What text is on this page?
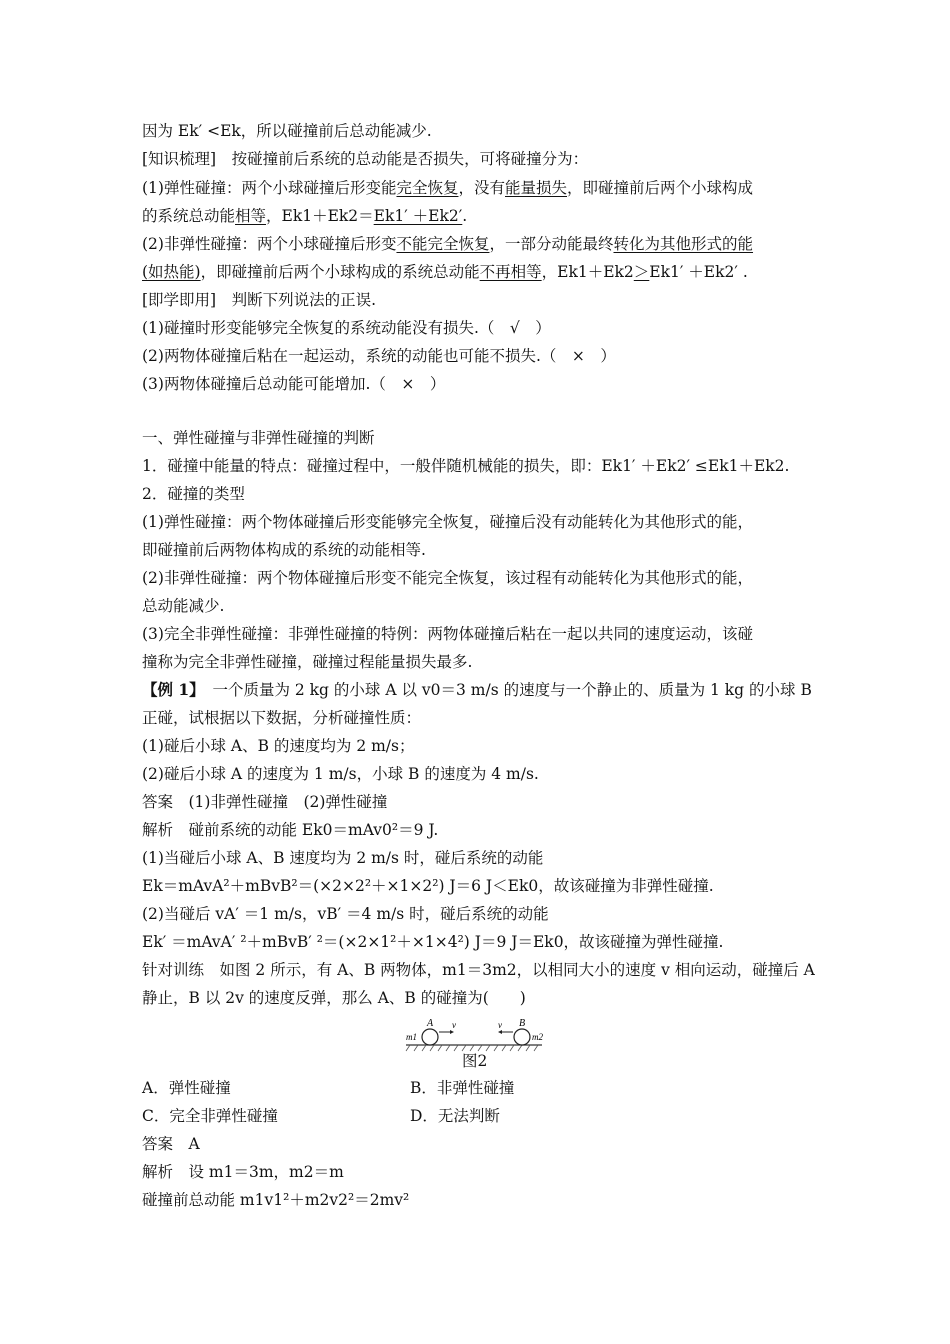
因为 Ek′ <Ek，所以碰撞前后总动能减少.
[知识梳理]　按碰撞前后系统的总动能是否损失，可将碰撞分为：
(1)弹性碰撞：两个小球碰撞后形变能完全恢复，没有能量损失，即碰撞前后两个小球构成
的系统总动能相等，Ek1＋Ek2＝Ek1′ ＋Ek2′.
(2)非弹性碰撞：两个小球碰撞后形变不能完全恢复，一部分动能最终转化为其他形式的能
(如热能)，即碰撞前后两个小球构成的系统总动能不再相等，Ek1＋Ek2＞Ek1′ ＋Ek2′ .
[即学即用]　判断下列说法的正误.
(1)碰撞时形变能够完全恢复的系统动能没有损失.（　√　）
(2)两物体碰撞后粘在一起运动，系统的动能也可能不损失.（　×　）
(3)两物体碰撞后总动能可能增加.（　×　）
一、弹性碰撞与非弹性碰撞的判断
1．碰撞中能量的特点：碰撞过程中，一般伴随机械能的损失，即：Ek1′ ＋Ek2′ ≤Ek1＋Ek2.
2．碰撞的类型
(1)弹性碰撞：两个物体碰撞后形变能够完全恢复，碰撞后没有动能转化为其他形式的能，
即碰撞前后两物体构成的系统的动能相等.
(2)非弹性碰撞：两个物体碰撞后形变不能完全恢复，该过程有动能转化为其他形式的能，
总动能减少.
(3)完全非弹性碰撞：非弹性碰撞的特例：两物体碰撞后粘在一起以共同的速度运动，该碰
撞称为完全非弹性碰撞，碰撞过程能量损失最多.
【例 1】　一个质量为 2 kg 的小球 A 以 v0＝3 m/s 的速度与一个静止的、质量为 1 kg 的小球 B
正碰，试根据以下数据，分析碰撞性质：
(1)碰后小球 A、B 的速度均为 2 m/s；
(2)碰后小球 A 的速度为 1 m/s，小球 B 的速度为 4 m/s.
答案　(1)非弹性碰撞　(2)弹性碰撞
解析　碰前系统的动能 Ek0＝mAv0²＝9 J.
(1)当碰后小球 A、B 速度均为 2 m/s 时，碰后系统的动能
Ek＝mAvA²＋mBvB²＝(×2×2²＋×1×2²) J＝6 J＜Ek0，故该碰撞为非弹性碰撞.
(2)当碰后 vA′ ＝1 m/s，vB′ ＝4 m/s 时，碰后系统的动能
Ek′ ＝mAvA′ ²＋mBvB′ ²＝(×2×1²＋×1×4²) J＝9 J＝Ek0，故该碰撞为弹性碰撞.
针对训练　如图 2 所示，有 A、B 两物体，m1＝3m2，以相同大小的速度 v 相向运动，碰撞后 A
静止，B 以 2v 的速度反弹，那么 A、B 的碰撞为(　　)
A	B
m1	m2
v	v
图2
A．弹性碰撞	B．非弹性碰撞
C．完全非弹性碰撞	D．无法判断
答案　A
解析　设 m1＝3m，m2＝m
碰撞前总动能 m1v1²＋m2v2²＝2mv²
